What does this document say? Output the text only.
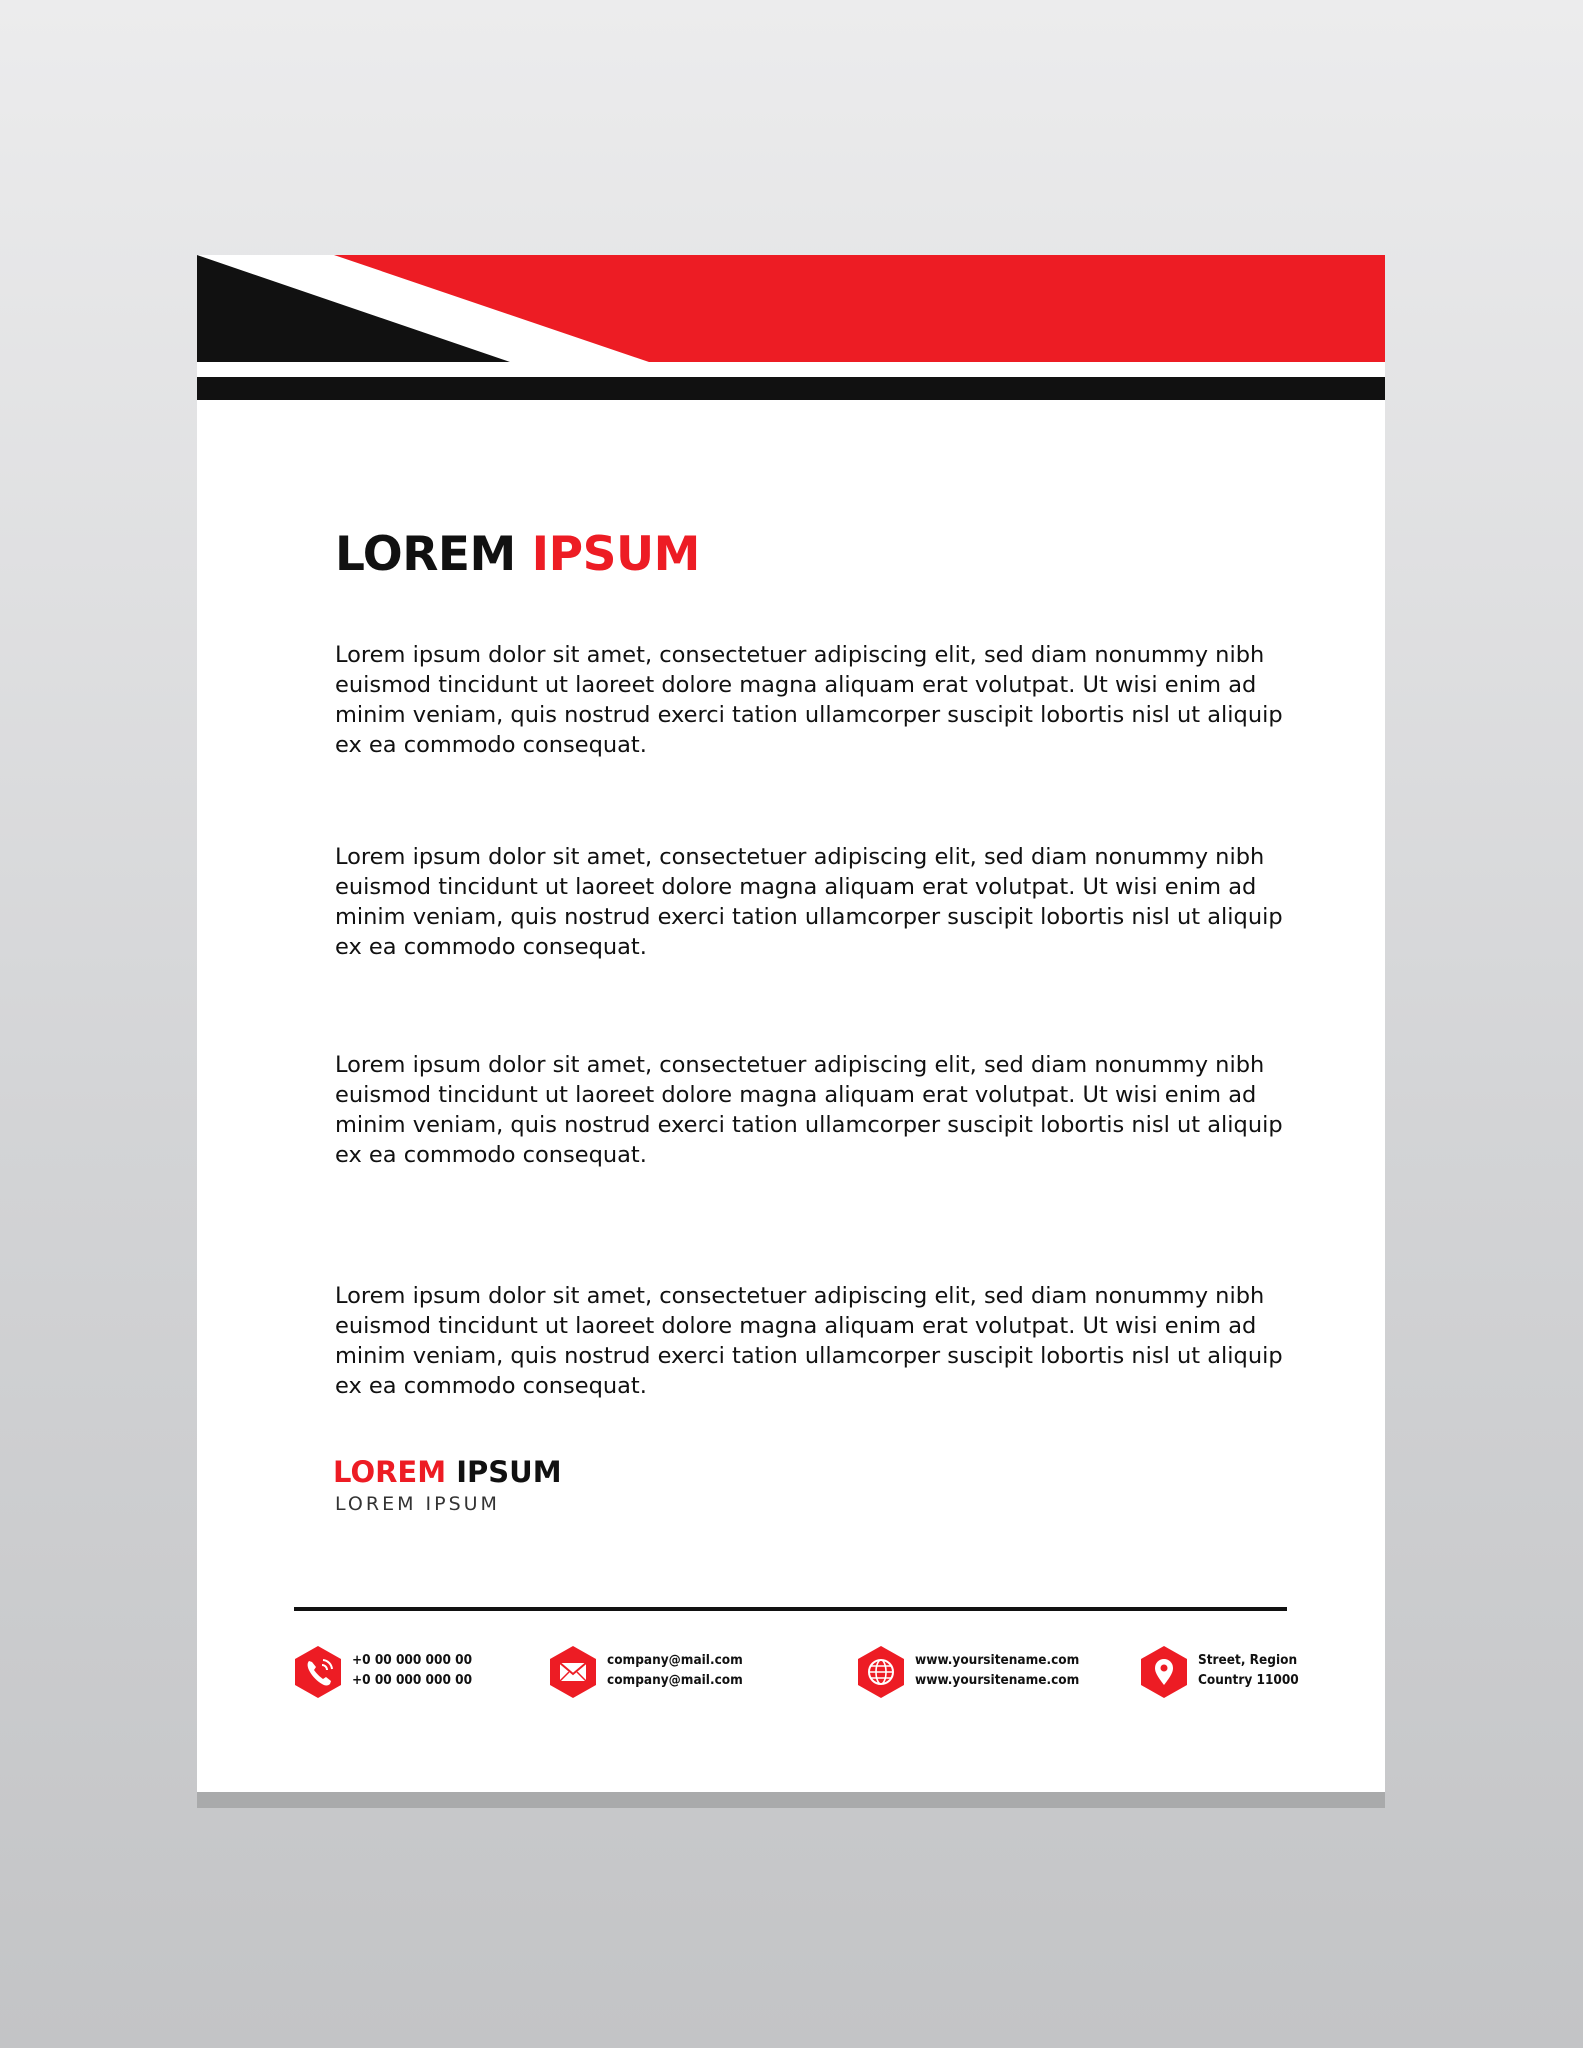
LOREM IPSUM

Lorem ipsum dolor sit amet, consectetuer adipiscing elit, sed diam nonummy nibh euismod tincidunt ut laoreet dolore magna aliquam erat volutpat. Ut wisi enim ad minim veniam, quis nostrud exerci tation ullamcorper suscipit lobortis nisl ut aliquip ex ea commodo consequat.

Lorem ipsum dolor sit amet, consectetuer adipiscing elit, sed diam nonummy nibh euismod tincidunt ut laoreet dolore magna aliquam erat volutpat. Ut wisi enim ad minim veniam, quis nostrud exerci tation ullamcorper suscipit lobortis nisl ut aliquip ex ea commodo consequat.

Lorem ipsum dolor sit amet, consectetuer adipiscing elit, sed diam nonummy nibh euismod tincidunt ut laoreet dolore magna aliquam erat volutpat. Ut wisi enim ad minim veniam, quis nostrud exerci tation ullamcorper suscipit lobortis nisl ut aliquip ex ea commodo consequat.

Lorem ipsum dolor sit amet, consectetuer adipiscing elit, sed diam nonummy nibh euismod tincidunt ut laoreet dolore magna aliquam erat volutpat. Ut wisi enim ad minim veniam, quis nostrud exerci tation ullamcorper suscipit lobortis nisl ut aliquip ex ea commodo consequat.

LOREM IPSUM
LOREM IPSUM
+0 00 000 000 00
+0 00 000 000 00
company@mail.com
company@mail.com
www.yoursitename.com
www.yoursitename.com
Street, Region
Country 11000
